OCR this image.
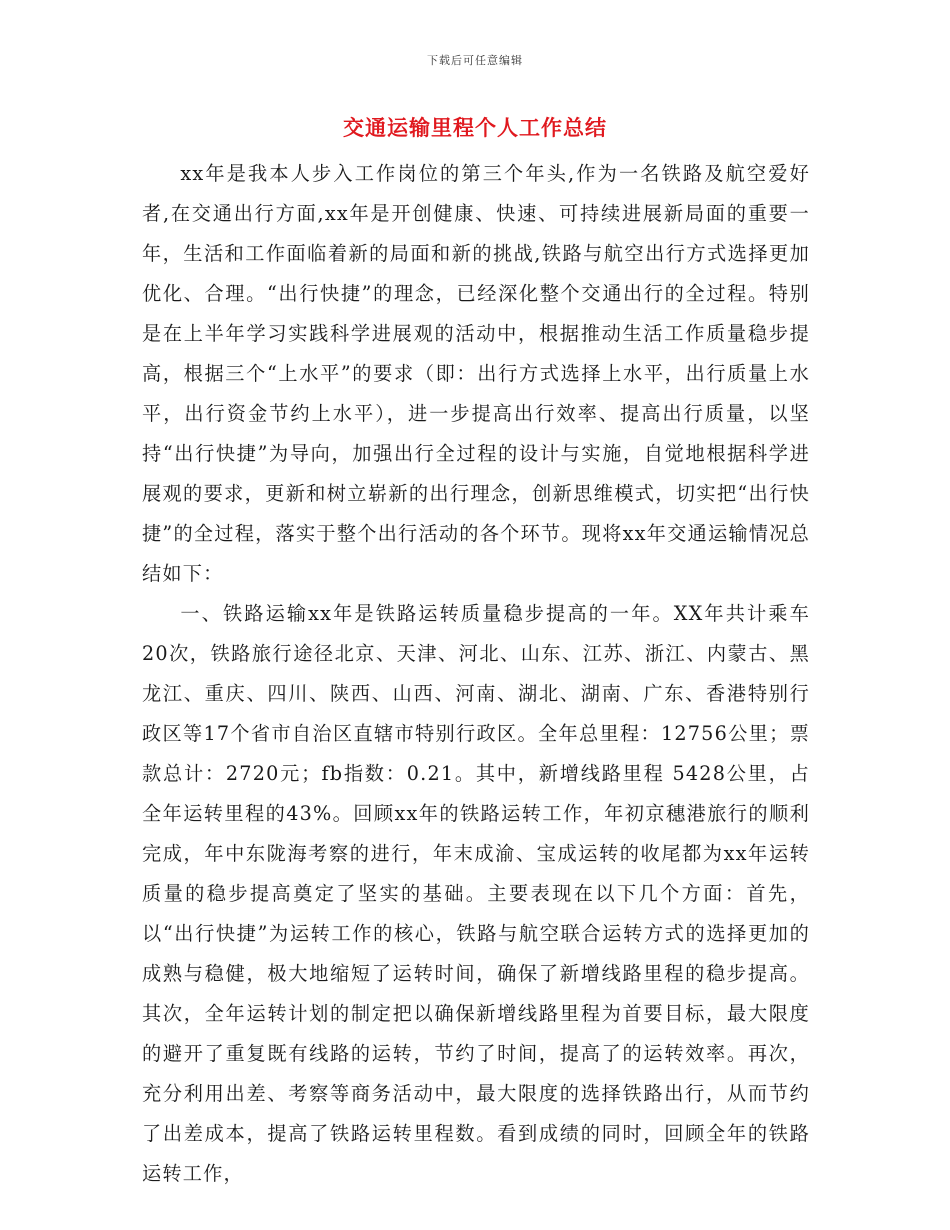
下载后可任意编辑
交通运输里程个人工作总结

xx年是我本人步入工作岗位的第三个年头,作为一名铁路及航空爱好者,在交通出行方面,xx年是开创健康、快速、可持续进展新局面的重要一年，生活和工作面临着新的局面和新的挑战,铁路与航空出行方式选择更加优化、合理。“出行快捷”的理念，已经深化整个交通出行的全过程。特别是在上半年学习实践科学进展观的活动中，根据推动生活工作质量稳步提高，根据三个“上水平”的要求（即：出行方式选择上水平，出行质量上水平，出行资金节约上水平），进一步提高出行效率、提高出行质量，以坚持“出行快捷”为导向，加强出行全过程的设计与实施，自觉地根据科学进展观的要求，更新和树立崭新的出行理念，创新思维模式，切实把“出行快捷”的全过程，落实于整个出行活动的各个环节。现将xx年交通运输情况总结如下：

一、铁路运输xx年是铁路运转质量稳步提高的一年。XX年共计乘车20次，铁路旅行途径北京、天津、河北、山东、江苏、浙江、内蒙古、黑龙江、重庆、四川、陕西、山西、河南、湖北、湖南、广东、香港特别行政区等17个省市自治区直辖市特别行政区。全年总里程：12756公里；票款总计：2720元；fb指数：0.21。其中，新增线路里程 5428公里，占全年运转里程的43%。回顾xx年的铁路运转工作，年初京穗港旅行的顺利完成，年中东陇海考察的进行，年末成渝、宝成运转的收尾都为xx年运转质量的稳步提高奠定了坚实的基础。主要表现在以下几个方面：首先，以“出行快捷”为运转工作的核心，铁路与航空联合运转方式的选择更加的成熟与稳健，极大地缩短了运转时间，确保了新增线路里程的稳步提高。其次，全年运转计划的制定把以确保新增线路里程为首要目标，最大限度的避开了重复既有线路的运转，节约了时间，提高了的运转效率。再次，充分利用出差、考察等商务活动中，最大限度的选择铁路出行，从而节约了出差成本，提高了铁路运转里程数。看到成绩的同时，回顾全年的铁路运转工作，
